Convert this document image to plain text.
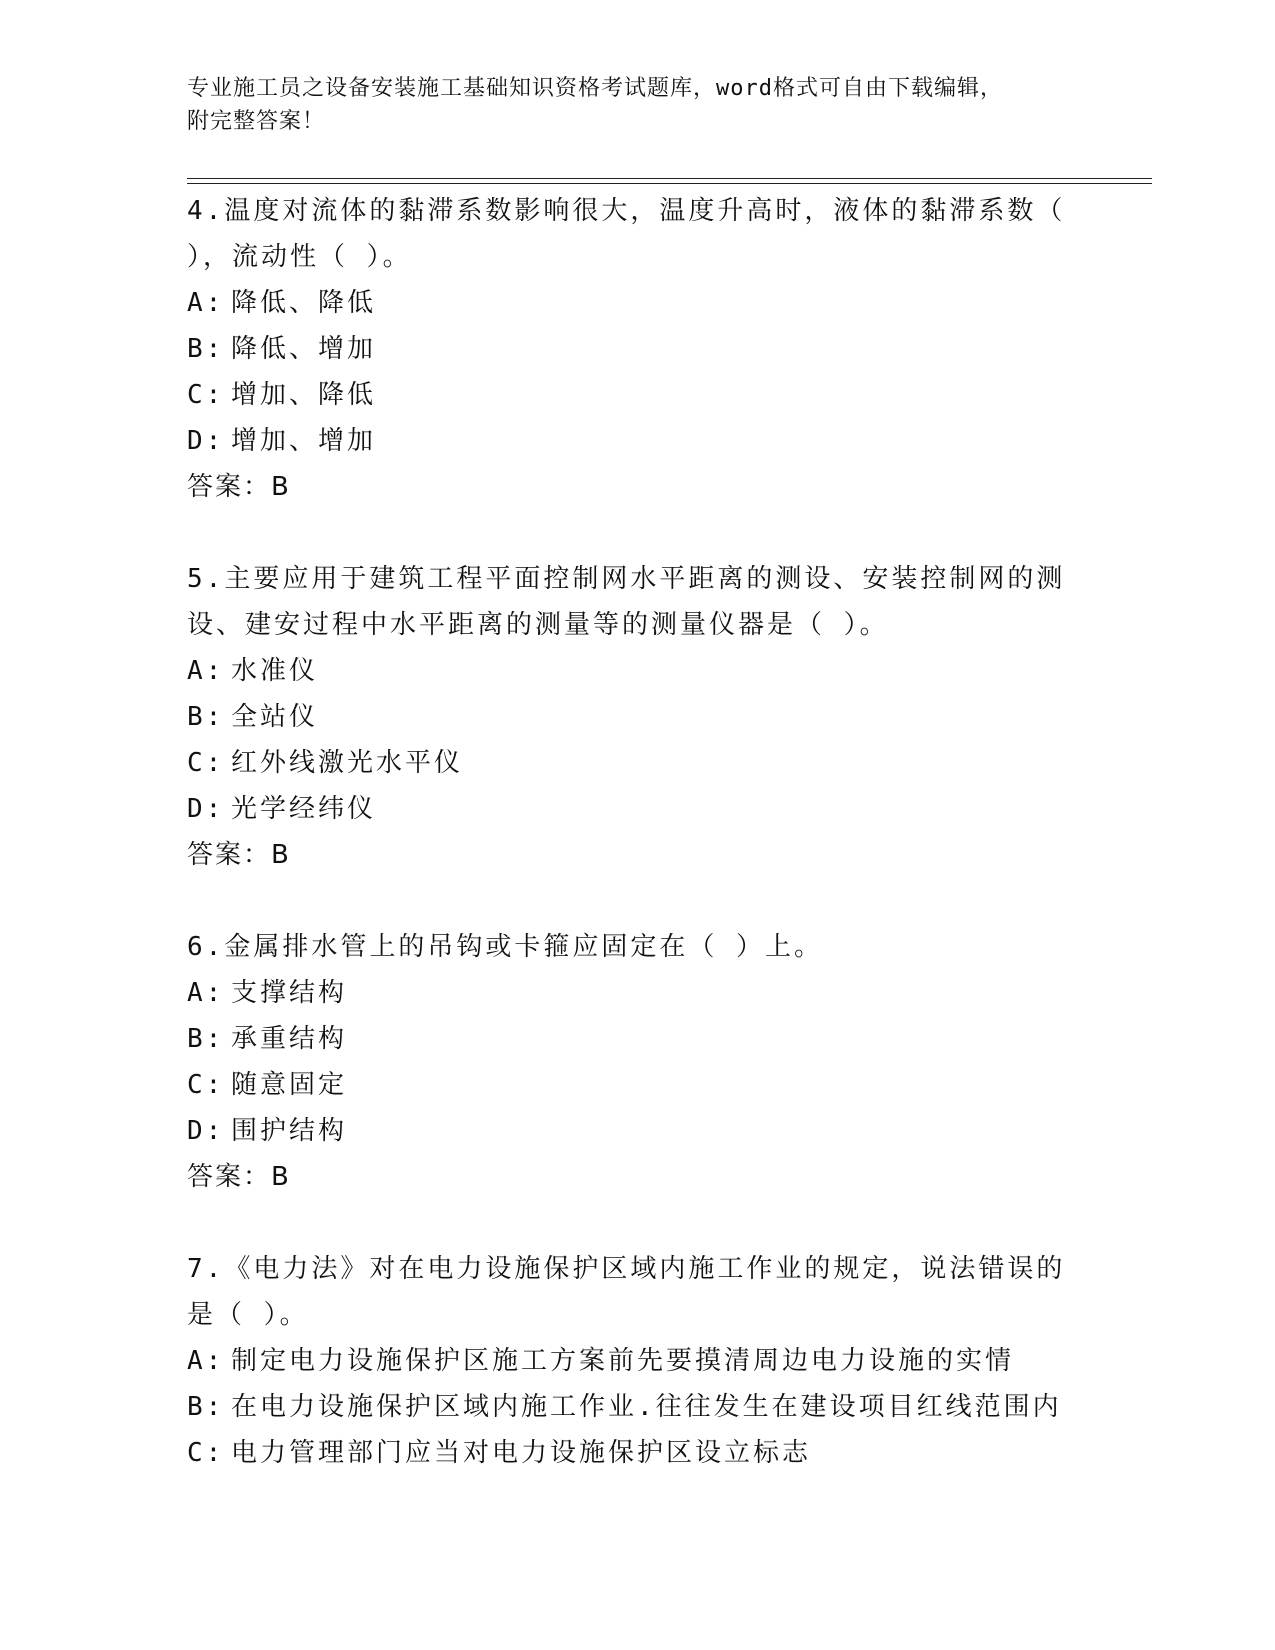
专业施工员之设备安装施工基础知识资格考试题库，word格式可自由下载编辑，
附完整答案！
4.温度对流体的黏滞系数影响很大，温度升高时，液体的黏滞系数（
），流动性（ ）。
A: 降低、降低
B: 降低、增加
C: 增加、降低
D: 增加、增加
答案：B
5.主要应用于建筑工程平面控制网水平距离的测设、安装控制网的测
设、建安过程中水平距离的测量等的测量仪器是（ ）。
A: 水准仪
B: 全站仪
C: 红外线激光水平仪
D: 光学经纬仪
答案：B
6.金属排水管上的吊钩或卡箍应固定在（ ）上。
A: 支撑结构
B: 承重结构
C: 随意固定
D: 围护结构
答案：B
7.《电力法》对在电力设施保护区域内施工作业的规定，说法错误的
是（ ）。
A: 制定电力设施保护区施工方案前先要摸清周边电力设施的实情
B: 在电力设施保护区域内施工作业.往往发生在建设项目红线范围内
C: 电力管理部门应当对电力设施保护区设立标志
